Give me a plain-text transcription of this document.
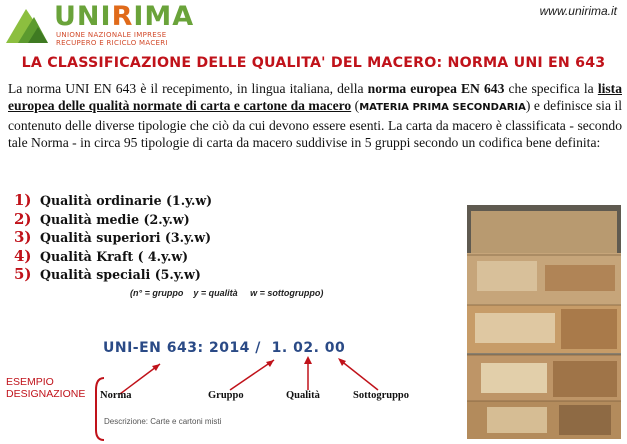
UNIRIMA
UNIONE NAZIONALE IMPRESE
RECUPERO E RICICLO MACERI
www.unirima.it
LA CLASSIFICAZIONE DELLE QUALITA' DEL MACERO: NORMA UNI EN 643
La norma UNI EN 643 è il recepimento, in lingua italiana, della norma europea EN 643 che specifica la lista europea delle qualità normate di carta e cartone da macero (MATERIA PRIMA SECONDARIA) e definisce sia il contenuto delle diverse tipologie che ciò da cui devono essere esenti. La carta da macero è classificata - secondo tale Norma - in circa 95 tipologie di carta da macero suddivise in 5 gruppi secondo un codifica bene definita:
1) Qualità ordinarie (1.y.w)
2) Qualità medie (2.y.w)
3) Qualità superiori (3.y.w)
4) Qualità Kraft ( 4.y.w)
5) Qualità speciali (5.y.w)
(n° = gruppo    y = qualità     w = sottogruppo)
UNI-EN 643: 2014 /  1. 02. 00
ESEMPIO DESIGNAZIONE	Norma	Gruppo	Qualità	Sottogruppo
Descrizione: Carte e cartoni misti
